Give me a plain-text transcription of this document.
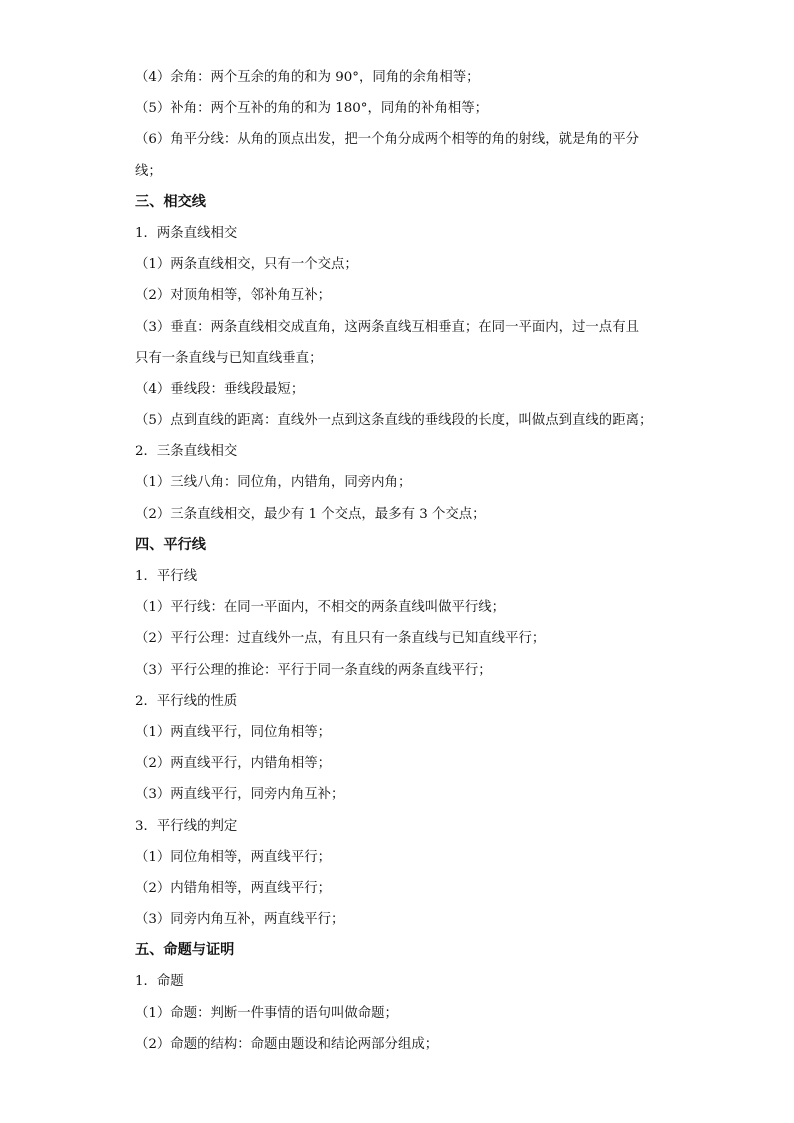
（4）余角：两个互余的角的和为 90°，同角的余角相等；
（5）补角：两个互补的角的和为 180°，同角的补角相等；
（6）角平分线：从角的顶点出发，把一个角分成两个相等的角的射线，就是角的平分
线；
三、相交线
1．两条直线相交
（1）两条直线相交，只有一个交点；
（2）对顶角相等，邻补角互补；
（3）垂直：两条直线相交成直角，这两条直线互相垂直；在同一平面内，过一点有且
只有一条直线与已知直线垂直；
（4）垂线段：垂线段最短；
（5）点到直线的距离：直线外一点到这条直线的垂线段的长度，叫做点到直线的距离；
2．三条直线相交
（1）三线八角：同位角，内错角，同旁内角；
（2）三条直线相交，最少有 1 个交点，最多有 3 个交点；
四、平行线
1．平行线
（1）平行线：在同一平面内，不相交的两条直线叫做平行线；
（2）平行公理：过直线外一点，有且只有一条直线与已知直线平行；
（3）平行公理的推论：平行于同一条直线的两条直线平行；
2．平行线的性质
（1）两直线平行，同位角相等；
（2）两直线平行，内错角相等；
（3）两直线平行，同旁内角互补；
3．平行线的判定
（1）同位角相等，两直线平行；
（2）内错角相等，两直线平行；
（3）同旁内角互补，两直线平行；
五、命题与证明
1．命题
（1）命题：判断一件事情的语句叫做命题；
（2）命题的结构：命题由题设和结论两部分组成；
